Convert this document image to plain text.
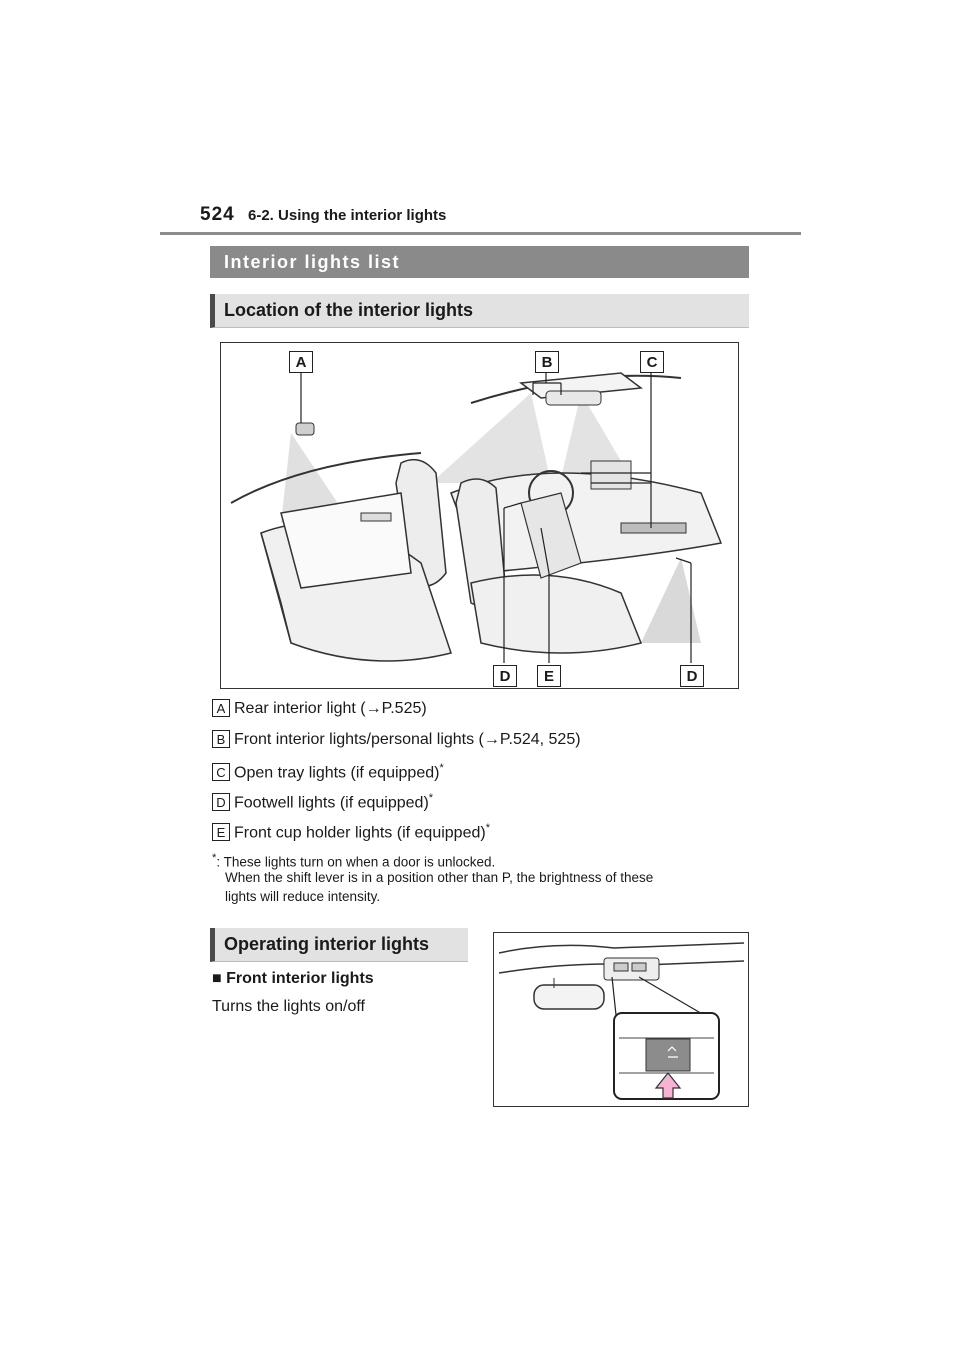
524 6-2. Using the interior lights
Interior lights list
Location of the interior lights
A	B	C
D	E	D
A Rear interior light (→P.525)
B Front interior lights/personal lights (→P.524, 525)
C Open tray lights (if equipped)*
D Footwell lights (if equipped)*
E Front cup holder lights (if equipped)*
*: These lights turn on when a door is unlocked.
When the shift lever is in a position other than P, the brightness of these
lights will reduce intensity.
Operating interior lights
■ Front interior lights
Turns the lights on/off
